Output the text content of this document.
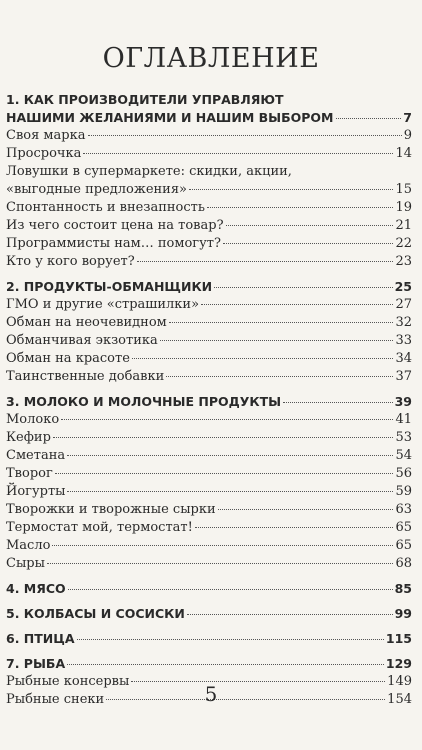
ОГЛАВЛЕНИЕ
1. КАК ПРОИЗВОДИТЕЛИ УПРАВЛЯЮТ
НАШИМИ ЖЕЛАНИЯМИ И НАШИМ ВЫБОРОМ	7
Своя марка	9
Просрочка	14
Ловушки в супермаркете: скидки, акции,
«выгодные предложения»	15
Спонтанность и внезапность	19
Из чего состоит цена на товар?	21
Программисты нам… помогут?	22
Кто у кого ворует?	23
2. ПРОДУКТЫ-ОБМАНЩИКИ	25
ГМО и другие «страшилки»	27
Обман на неочевидном	32
Обманчивая экзотика	33
Обман на красоте	34
Таинственные добавки	37
3. МОЛОКО И МОЛОЧНЫЕ ПРОДУКТЫ	39
Молоко	41
Кефир	53
Сметана	54
Творог	56
Йогурты	59
Творожки и творожные сырки	63
Термостат мой, термостат!	65
Масло	65
Сыры	68
4. МЯСО	85
5. КОЛБАСЫ И СОСИСКИ	99
6. ПТИЦА	115
7. РЫБА	129
Рыбные консервы	149
Рыбные снеки	154
5
